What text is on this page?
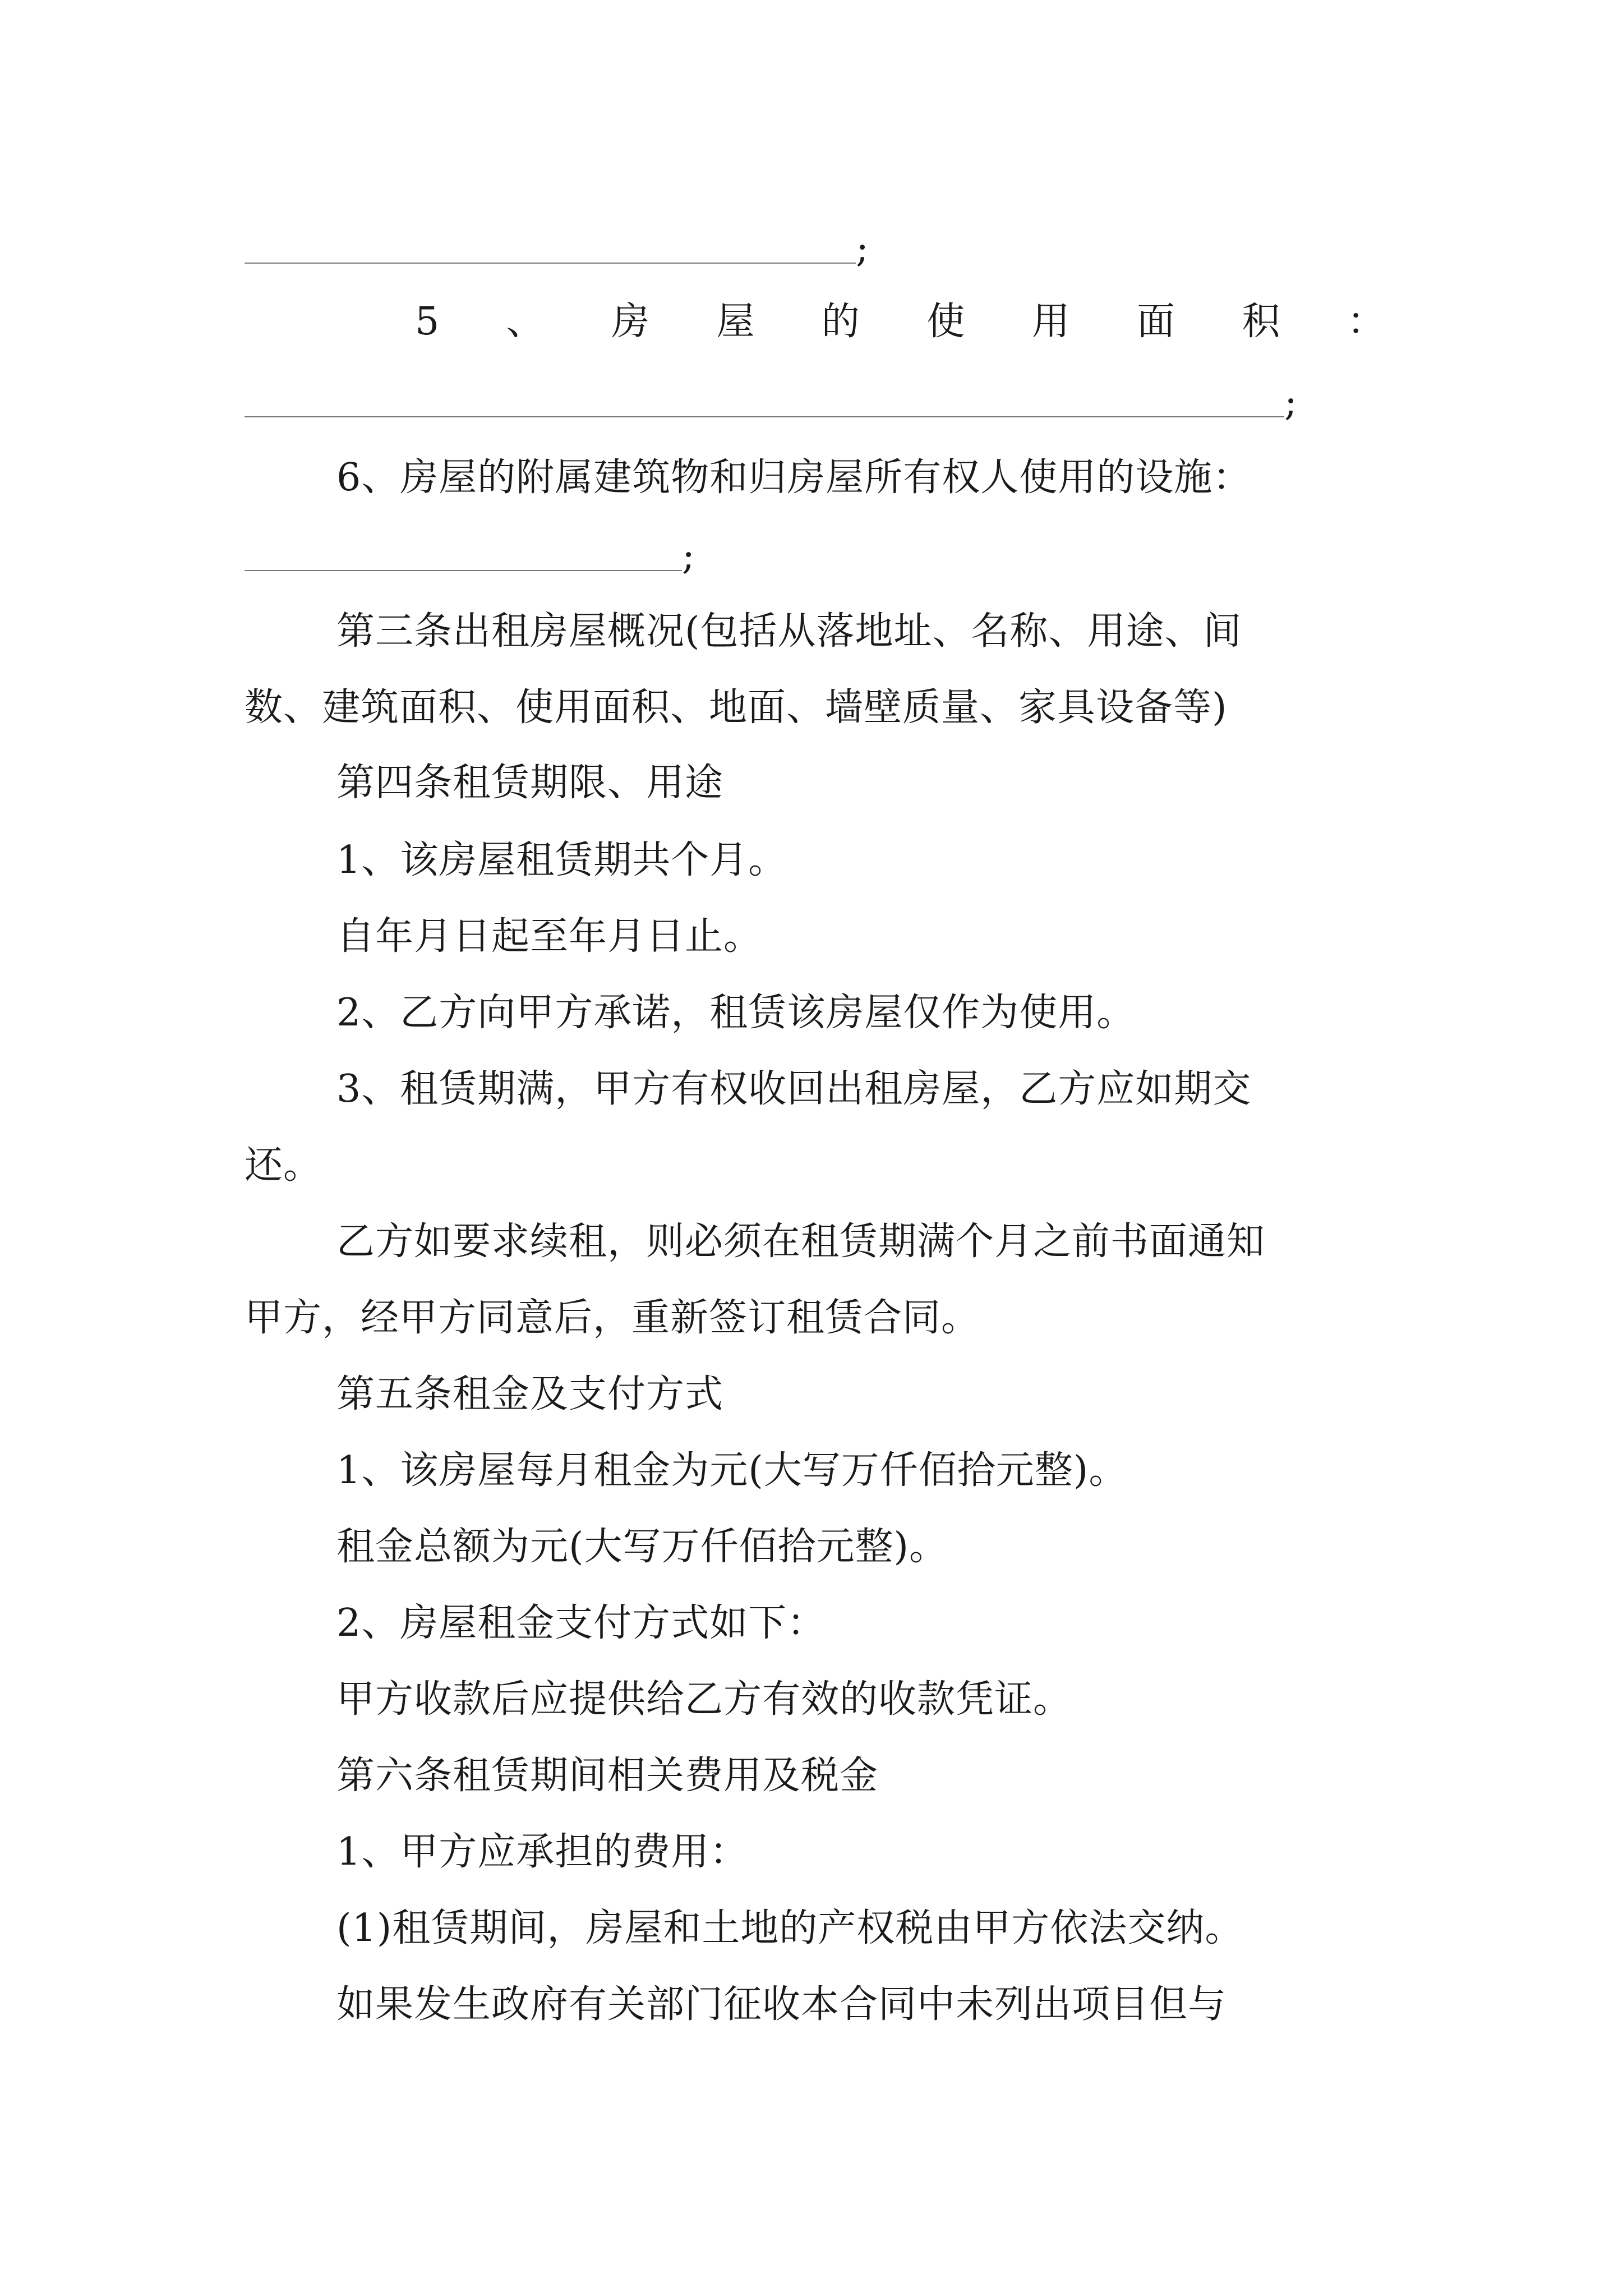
;
5 、 房 屋 的 使 用 面 积 ：
;
6、房屋的附属建筑物和归房屋所有权人使用的设施：
;
第三条出租房屋概况(包括从落地址、名称、用途、间
数、建筑面积、使用面积、地面、墙壁质量、家具设备等)
第四条租赁期限、用途
1、该房屋租赁期共个月。
自年月日起至年月日止。
2、乙方向甲方承诺，租赁该房屋仅作为使用。
3、租赁期满，甲方有权收回出租房屋，乙方应如期交
还。
乙方如要求续租，则必须在租赁期满个月之前书面通知
甲方，经甲方同意后，重新签订租赁合同。
第五条租金及支付方式
1、该房屋每月租金为元(大写万仟佰拾元整)。
租金总额为元(大写万仟佰拾元整)。
2、房屋租金支付方式如下：
甲方收款后应提供给乙方有效的收款凭证。
第六条租赁期间相关费用及税金
1、甲方应承担的费用：
(1)租赁期间，房屋和土地的产权税由甲方依法交纳。
如果发生政府有关部门征收本合同中未列出项目但与
